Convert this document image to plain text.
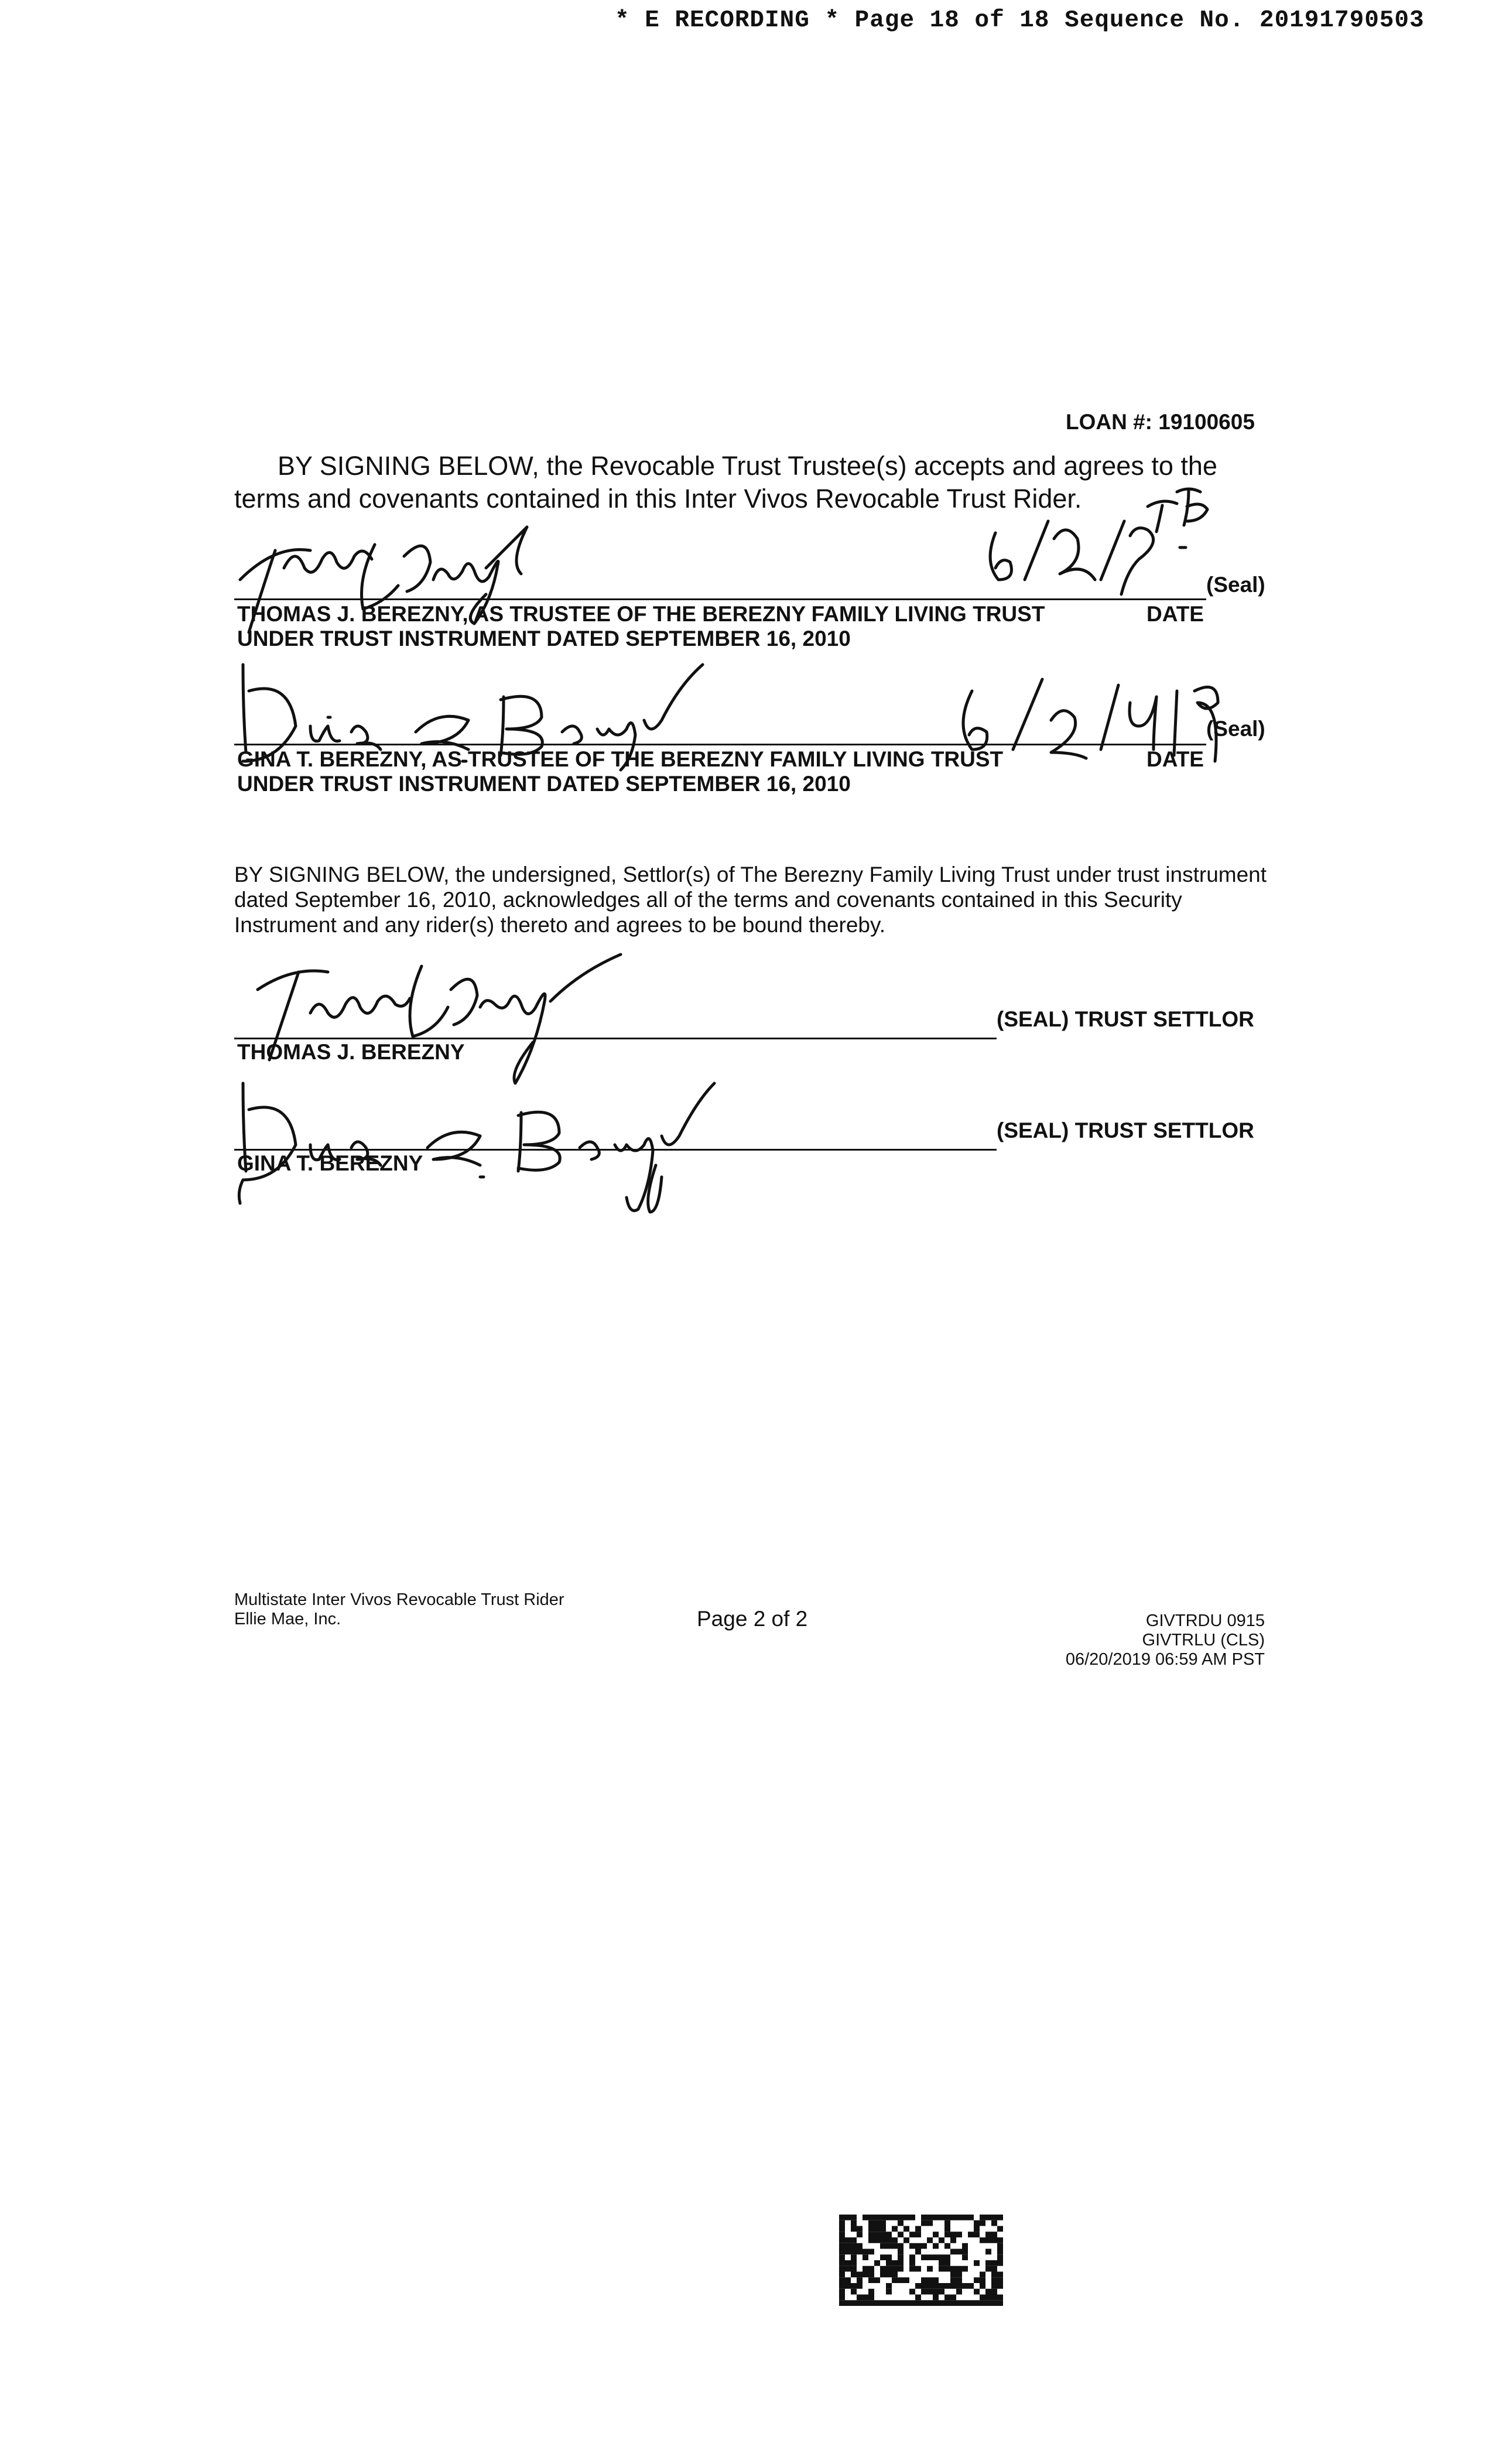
* E RECORDING * Page 18 of 18 Sequence No. 20191790503
LOAN #: 19100605
BY SIGNING BELOW, the Revocable Trust Trustee(s) accepts and agrees to the terms and covenants contained in this Inter Vivos Revocable Trust Rider.
(Seal)
THOMAS J. BEREZNY, AS TRUSTEE OF THE BEREZNY FAMILY LIVING TRUST	DATE
UNDER TRUST INSTRUMENT DATED SEPTEMBER 16, 2010
(Seal)
GINA T. BEREZNY, AS TRUSTEE OF THE BEREZNY FAMILY LIVING TRUST	DATE
UNDER TRUST INSTRUMENT DATED SEPTEMBER 16, 2010
BY SIGNING BELOW, the undersigned, Settlor(s) of The Berezny Family Living Trust under trust instrument dated September 16, 2010, acknowledges all of the terms and covenants contained in this Security Instrument and any rider(s) thereto and agrees to be bound thereby.
(SEAL) TRUST SETTLOR
THOMAS J. BEREZNY
(SEAL) TRUST SETTLOR
GINA T. BEREZNY
Multistate Inter Vivos Revocable Trust Rider
Ellie Mae, Inc.	Page 2 of 2	GIVTRDU 0915
GIVTRLU (CLS)
06/20/2019 06:59 AM PST
